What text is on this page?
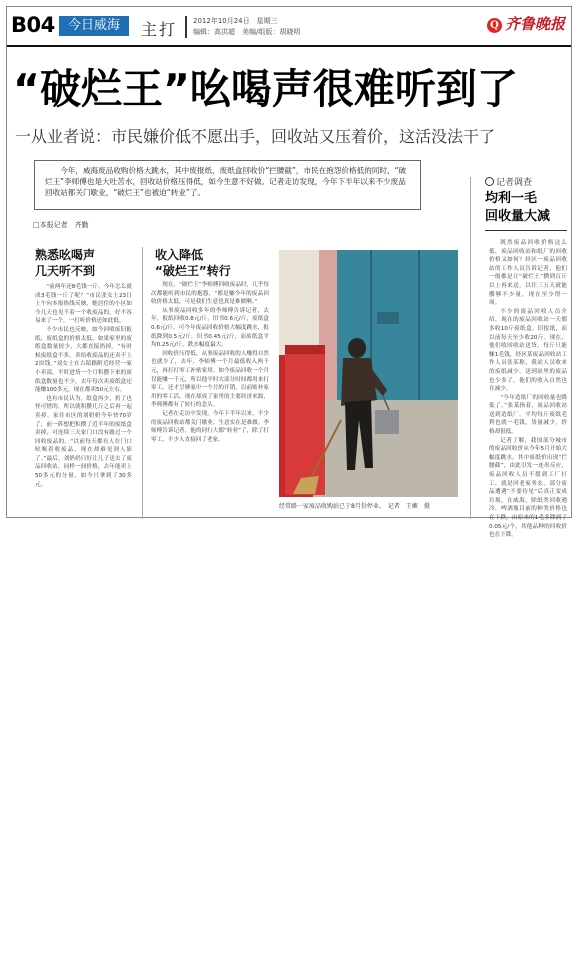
B04	今日威海	主打 2012年10月24日　星期三
编辑：高洪超　美编/组版：胡晓明
Q 齐鲁晚报
“破烂王”吆喝声很难听到了
一从业者说：市民嫌价低不愿出手，回收站又压着价，这活没法干了
今年，威海废品收购价格大跳水，其中废报纸、废纸盒回收价“拦腰截”，市民在抱怨价格低的同时，“破烂王”李师傅也是大吐苦水，回收站价格压得低，如今生意不好做。记者走访发现，今年下半年以来不少废品回收站都关门歇业，“破烂王”也被迫“转业”了。
□本报记者　齐勤
熟悉吆喝声
几天听不到

“前两年还8毛钱一斤，今年怎么就成3毛钱一斤了呢？”市民张女士23日上午向本报热线反映，她居住的小区如今几天也见不着一个收废品的，好不容易来了一个，一打听价格还如此低。

不少市民也反映，如今回收废旧报纸、废纸盒的价格太低，如果家里的废纸盒数量较少，大都直接扔掉。“有时候废纸盒不多，卖给收废品的还卖不上2块钱。”刘女士在古陌路附近经营一家小卖部，平时进货一个月积攒下来的废纸盒数量也不少，去年每次卖废纸盒还能赚100多元，现在都卖50元左右。

也有市民认为，纸盒再少，扔了也怪可惜的，所以就积攒几斤之后再一起卖掉。家住市区的刘奶奶今年快70岁了，前一阵想把积攒了近半年的废纸盒卖掉，可连续三天家门口没有路过一个回收废品的。“以前每天都有人在门口吆喝着收废品，现在却难见到人影了。”最后，刘奶奶只好让儿子送去了废品回收站，同样一间价格，去年能卖上50多元的分量，如今只拿到了30多元。

收入降低
“破烂王”转行

现在，“破烂王”李师傅回收废品时，几乎每次都能听到市民的抱怨，“都是嫌今年的废品回收价格太低，可是我们生意也真是难做啊。”

从事废品回收多年的李师傅告诉记者，去年，报纸回收0.8元/斤，旧书0.6元/斤，废纸盒0.6元/斤，可今年废品回收价格大幅度跳水，报纸降到0.5元/斤，旧书0.45元/斤，而废纸盒平均0.25元/斤，跌水幅度最大。

回收价压得低，从事废品回收的人赚得自然也就少了，去年，李师傅一个月最低收入两千元，再打打零工补贴家用。如今废品回收一个月仅能赚一千元，所以他平时大部分时间都用来打零工，还才呈够家中一个月的开销。以前贴补家用的零工活，现在却成了家里的主要经济来源，李师傅都有了转行的念头。

记者在走访中发现，今年下半年以来，不少的废品回收站都关门歇业，生意实在是难做。李师傅告诉记者，他的同行大都“转业”了，除了打零工，不少人直接回了老家。

经常路一家废品收购站已于8月份停业。　记者　王蕨　摄
记者调查
均利一毛
回收量大减

既然废品回收价格这么低，废品回收站和纸厂的回收价格又如何？经区一废品回收站的工作人员告诉记者，他们一般都是让“破烂王”攒到百斤以上再来送，以往三五天就能攒够不少量，现在至少得一周。

不少的废品回收人员介绍，现在的废品回收站一天都多收10斤废纸盒、旧报纸，而以前每天至少收20斤。现在，他们收回收站送货，每斤只能赚1毛钱，经区某废品回收站工作人员张某称，我站人员收来的废纸减少，送到站里的废品也少多了，他们的收入自然也在减少。

“今年造纸厂的回收量也降低了。”张某指着，废品回收站送到造纸厂，平均每斤废纸毛利也就一毛钱，货量减少，价格却很低。

记者了解，我国部分城市的废品回收价从今年5月开始大幅度跳水，其中废纸价出现“拦腰截”，由此引发一连串反应，废品回收人员不愿到工厂打工，就是回老家务农，部分废品遭遇“不要待见”后真正变成垃圾，在威海，除纸类回收遇冷，啤酒瓶目前的种类价格也在下跌，由原来的1毛多降到了0.05元/个，其他品种的回收价也在下降。
